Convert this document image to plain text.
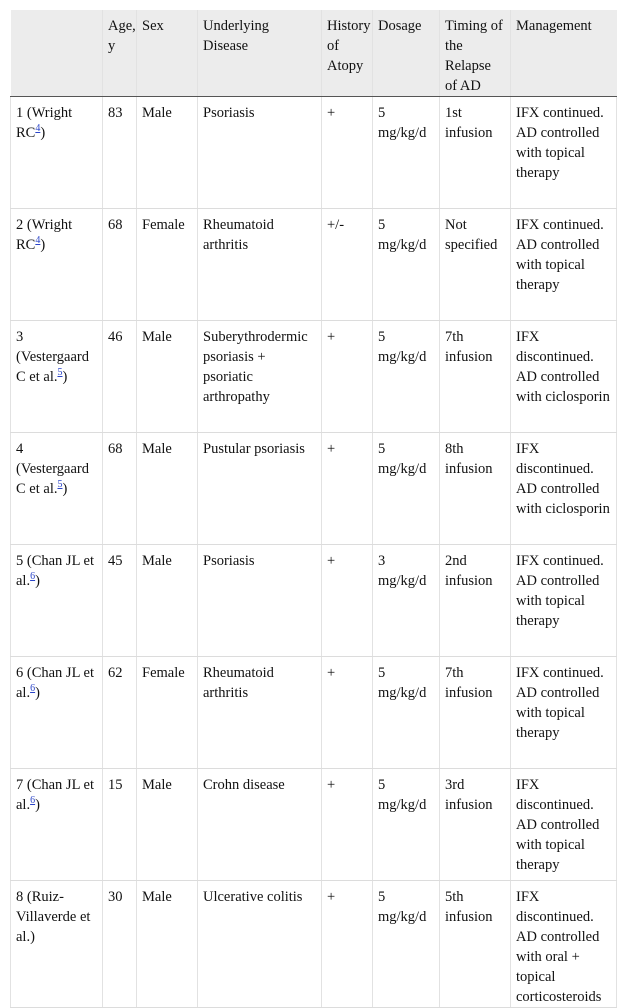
	Age, y	Sex	Underlying Disease	History of Atopy	Dosage	Timing of the Relapse of AD	Management
1 (Wright RC$^4$)	83	Male	Psoriasis	+	5 mg/kg/d	1st infusion	IFX continued. AD controlled with topical therapy
2 (Wright RC$^4$)	68	Female	Rheumatoid arthritis	+/-	5 mg/kg/d	Not specified	IFX continued. AD controlled with topical therapy
3 (Vestergaard C et al.$^5$)	46	Male	Suberythrodermic psoriasis + psoriatic arthropathy	+	5 mg/kg/d	7th infusion	IFX discontinued. AD controlled with ciclosporin
4 (Vestergaard C et al.$^5$)	68	Male	Pustular psoriasis	+	5 mg/kg/d	8th infusion	IFX discontinued. AD controlled with ciclosporin
5 (Chan JL et al.$^6$)	45	Male	Psoriasis	+	3 mg/kg/d	2nd infusion	IFX continued. AD controlled with topical therapy
6 (Chan JL et al.$^6$)	62	Female	Rheumatoid arthritis	+	5 mg/kg/d	7th infusion	IFX continued. AD controlled with topical therapy
7 (Chan JL et al.$^6$)	15	Male	Crohn disease	+	5 mg/kg/d	3rd infusion	IFX discontinued. AD controlled with topical therapy
8 (Ruiz-Villaverde et al.)	30	Male	Ulcerative colitis	+	5 mg/kg/d	5th infusion	IFX discontinued. AD controlled with oral + topical corticosteroids
